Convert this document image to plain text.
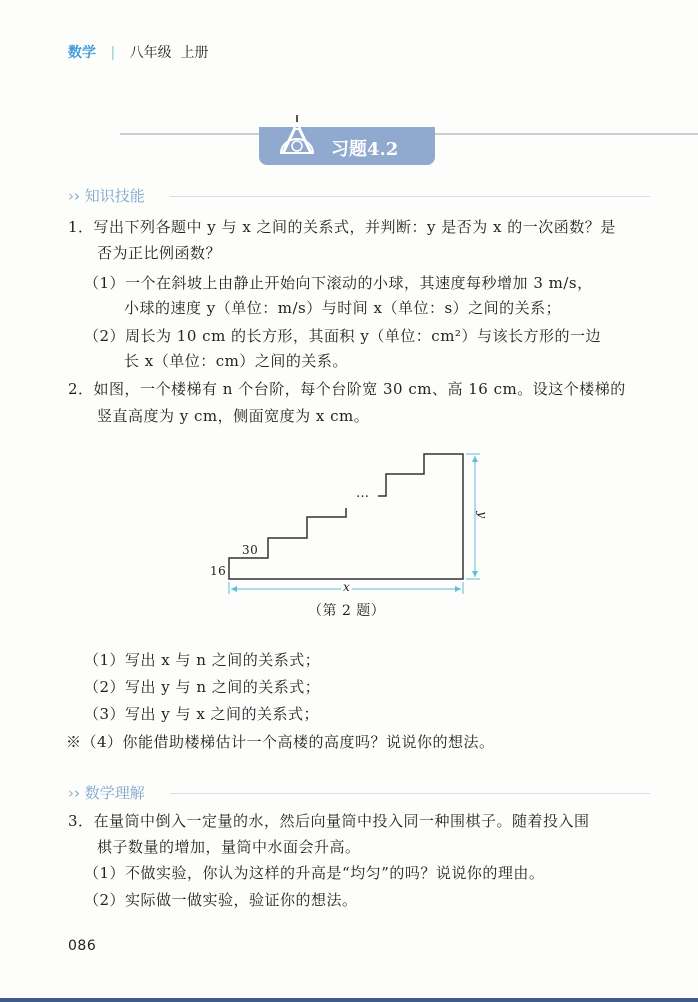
数学 | 八年级  上册
习题4.2
›› 知识技能
1．写出下列各题中 y 与 x 之间的关系式，并判断：y 是否为 x 的一次函数？是
否为正比例函数？
（1）一个在斜坡上由静止开始向下滚动的小球，其速度每秒增加 3 m/s，
小球的速度 y（单位：m/s）与时间 x（单位：s）之间的关系；
（2）周长为 10 cm 的长方形，其面积 y（单位：cm²）与该长方形的一边
长 x（单位：cm）之间的关系。
2．如图，一个楼梯有 n 个台阶，每个台阶宽 30 cm、高 16 cm。设这个楼梯的
竖直高度为 y cm，侧面宽度为 x cm。
…
30
16
x
y
（第 2 题）
（1）写出 x 与 n 之间的关系式；
（2）写出 y 与 n 之间的关系式；
（3）写出 y 与 x 之间的关系式；
※（4）你能借助楼梯估计一个高楼的高度吗？说说你的想法。
›› 数学理解
3．在量筒中倒入一定量的水，然后向量筒中投入同一种围棋子。随着投入围
棋子数量的增加，量筒中水面会升高。
（1）不做实验，你认为这样的升高是“均匀”的吗？说说你的理由。
（2）实际做一做实验，验证你的想法。
086
